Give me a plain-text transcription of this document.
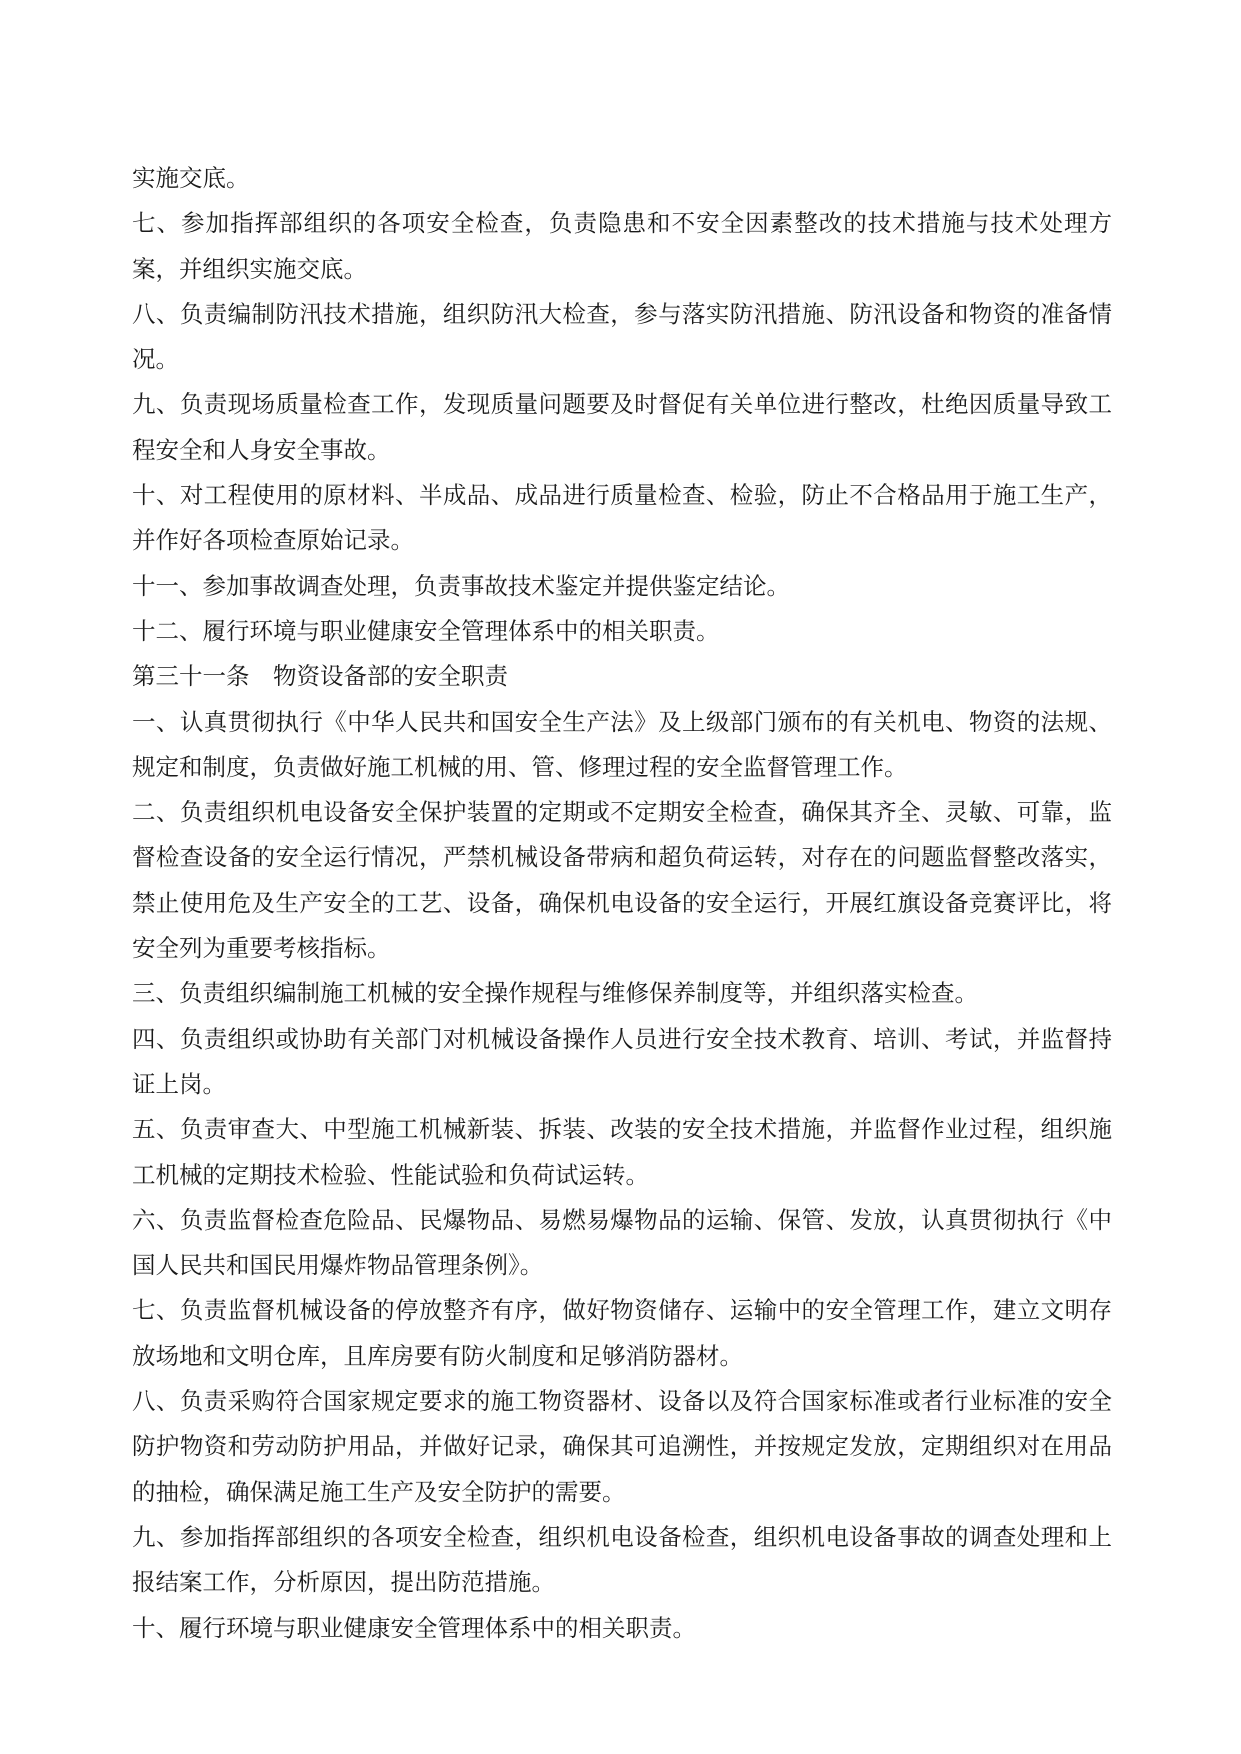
实施交底。

七、参加指挥部组织的各项安全检查，负责隐患和不安全因素整改的技术措施与技术处理方案，并组织实施交底。

八、负责编制防汛技术措施，组织防汛大检查，参与落实防汛措施、防汛设备和物资的准备情况。

九、负责现场质量检查工作，发现质量问题要及时督促有关单位进行整改，杜绝因质量导致工程安全和人身安全事故。

十、对工程使用的原材料、半成品、成品进行质量检查、检验，防止不合格品用于施工生产，并作好各项检查原始记录。

十一、参加事故调查处理，负责事故技术鉴定并提供鉴定结论。

十二、履行环境与职业健康安全管理体系中的相关职责。

第三十一条　物资设备部的安全职责

一、认真贯彻执行《中华人民共和国安全生产法》及上级部门颁布的有关机电、物资的法规、规定和制度，负责做好施工机械的用、管、修理过程的安全监督管理工作。

二、负责组织机电设备安全保护装置的定期或不定期安全检查，确保其齐全、灵敏、可靠，监督检查设备的安全运行情况，严禁机械设备带病和超负荷运转，对存在的问题监督整改落实，禁止使用危及生产安全的工艺、设备，确保机电设备的安全运行，开展红旗设备竞赛评比，将安全列为重要考核指标。

三、负责组织编制施工机械的安全操作规程与维修保养制度等，并组织落实检查。

四、负责组织或协助有关部门对机械设备操作人员进行安全技术教育、培训、考试，并监督持证上岗。

五、负责审查大、中型施工机械新装、拆装、改装的安全技术措施，并监督作业过程，组织施工机械的定期技术检验、性能试验和负荷试运转。

六、负责监督检查危险品、民爆物品、易燃易爆物品的运输、保管、发放，认真贯彻执行《中国人民共和国民用爆炸物品管理条例》。

七、负责监督机械设备的停放整齐有序，做好物资储存、运输中的安全管理工作，建立文明存放场地和文明仓库，且库房要有防火制度和足够消防器材。

八、负责采购符合国家规定要求的施工物资器材、设备以及符合国家标准或者行业标准的安全防护物资和劳动防护用品，并做好记录，确保其可追溯性，并按规定发放，定期组织对在用品的抽检，确保满足施工生产及安全防护的需要。

九、参加指挥部组织的各项安全检查，组织机电设备检查，组织机电设备事故的调查处理和上报结案工作，分析原因，提出防范措施。

十、履行环境与职业健康安全管理体系中的相关职责。
